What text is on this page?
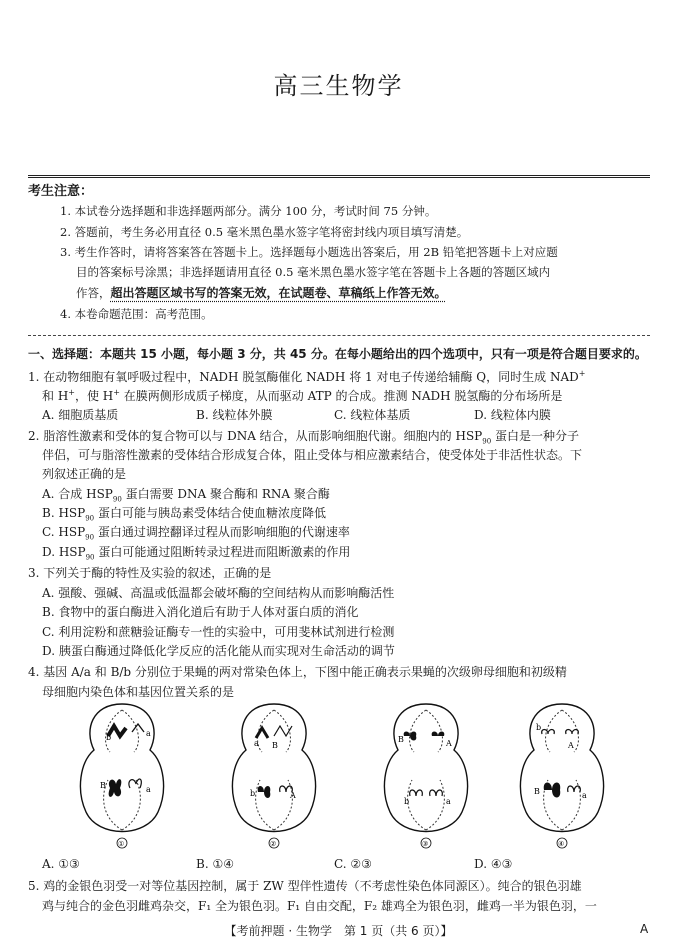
高三生物学
考生注意：
1. 本试卷分选择题和非选择题两部分。满分 100 分，考试时间 75 分钟。
2. 答题前，考生务必用直径 0.5 毫米黑色墨水签字笔将密封线内项目填写清楚。
3. 考生作答时，请将答案答在答题卡上。选择题每小题选出答案后，用 2B 铅笔把答题卡上对应题
目的答案标号涂黑；非选择题请用直径 0.5 毫米黑色墨水签字笔在答题卡上各题的答题区域内
作答，超出答题区域书写的答案无效，在试题卷、草稿纸上作答无效。
4. 本卷命题范围：高考范围。
一、选择题：本题共 15 小题，每小题 3 分，共 45 分。在每小题给出的四个选项中，只有一项是符合题目要求的。
1. 在动物细胞有氧呼吸过程中，NADH 脱氢酶催化 NADH 将 1 对电子传递给辅酶 Q，同时生成 NAD+
和 H+，使 H+ 在膜两侧形成质子梯度，从而驱动 ATP 的合成。推测 NADH 脱氢酶的分布场所是
A. 细胞质基质	B. 线粒体外膜	C. 线粒体基质	D. 线粒体内膜
2. 脂溶性激素和受体的复合物可以与 DNA 结合，从而影响细胞代谢。细胞内的 $HSP_{90}$ 蛋白是一种分子
伴侣，可与脂溶性激素的受体结合形成复合体，阻止受体与相应激素结合，使受体处于非活性状态。下
列叙述正确的是
A. 合成 $HSP_{90}$ 蛋白需要 DNA 聚合酶和 RNA 聚合酶
B. $HSP_{90}$ 蛋白可能与胰岛素受体结合使血糖浓度降低
C. $HSP_{90}$ 蛋白通过调控翻译过程从而影响细胞的代谢速率
D. $HSP_{90}$ 蛋白可能通过阻断转录过程进而阻断激素的作用
3. 下列关于酶的特性及实验的叙述，正确的是
A. 强酸、强碱、高温或低温都会破坏酶的空间结构从而影响酶活性
B. 食物中的蛋白酶进入消化道后有助于人体对蛋白质的消化
C. 利用淀粉和蔗糖验证酶专一性的实验中，可用斐林试剂进行检测
D. 胰蛋白酶通过降低化学反应的活化能从而实现对生命活动的调节
4. 基因 A/a 和 B/b 分别位于果蝇的两对常染色体上，下图中能正确表示果蝇的次级卵母细胞和初级精
母细胞内染色体和基因位置关系的是
b	a
B	a
①
a B
b	A
②
B	A
b	a
③
b
A
B	a
④
A. ①③	B. ①④	C. ②③	D. ④③
5. 鸡的金银色羽受一对等位基因控制，属于 ZW 型伴性遗传（不考虑性染色体同源区）。纯合的银色羽雄
鸡与纯合的金色羽雌鸡杂交，F₁ 全为银色羽。F₁ 自由交配，F₂ 雄鸡全为银色羽，雌鸡一半为银色羽，一
【考前押题 · 生物学　第 1 页（共 6 页）】	A
